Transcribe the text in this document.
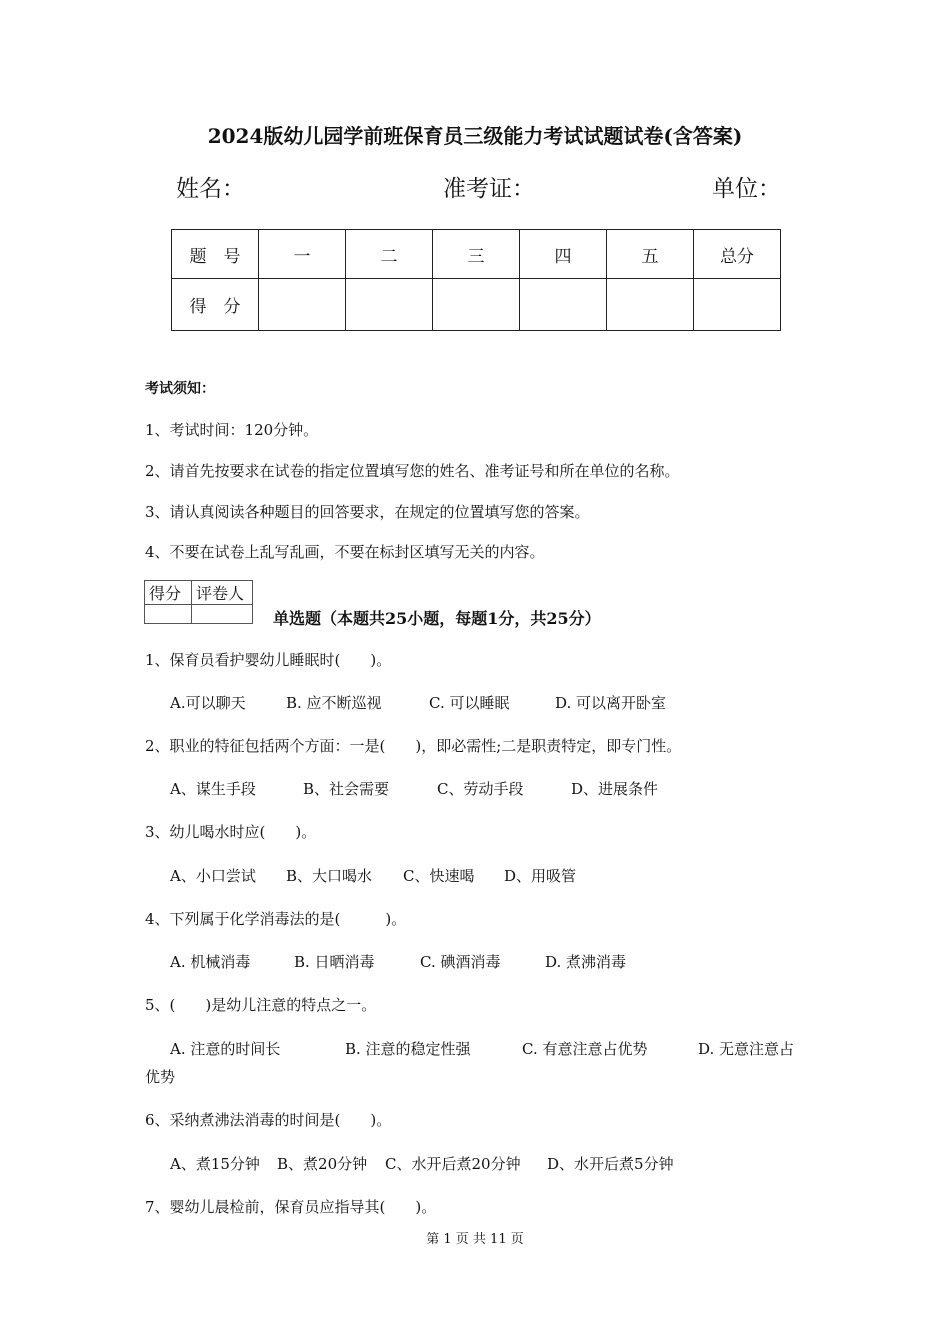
2024版幼儿园学前班保育员三级能力考试试题试卷(含答案)
姓名：	准考证：	单位：
题　号	一	二	三	四	五	总分
得　分						
考试须知：
1、考试时间：120分钟。
2、请首先按要求在试卷的指定位置填写您的姓名、准考证号和所在单位的名称。
3、请认真阅读各种题目的回答要求，在规定的位置填写您的答案。
4、不要在试卷上乱写乱画，不要在标封区填写无关的内容。
得分	评卷人

单选题（本题共25小题，每题1分，共25分）
1、保育员看护婴幼儿睡眠时(　　)。
A.可以聊天	B. 应不断巡视	C. 可以睡眠	D. 可以离开卧室
2、职业的特征包括两个方面：一是(　　)，即必需性;二是职责特定，即专门性。
A、谋生手段	B、社会需要	C、劳动手段	D、进展条件
3、幼儿喝水时应(　　)。
A、小口尝试 B、大口喝水 C、快速喝 D、用吸管
4、下列属于化学消毒法的是(　　　)。
A. 机械消毒	B. 日晒消毒	C. 碘酒消毒	D. 煮沸消毒
5、(　　)是幼儿注意的特点之一。
A. 注意的时间长	B. 注意的稳定性强	C. 有意注意占优势	D. 无意注意占
优势
6、采纳煮沸法消毒的时间是(　　)。
A、煮15分钟 B、煮20分钟 C、水开后煮20分钟 D、水开后煮5分钟
7、婴幼儿晨检前，保育员应指导其(　　)。
第 1 页 共 11 页
